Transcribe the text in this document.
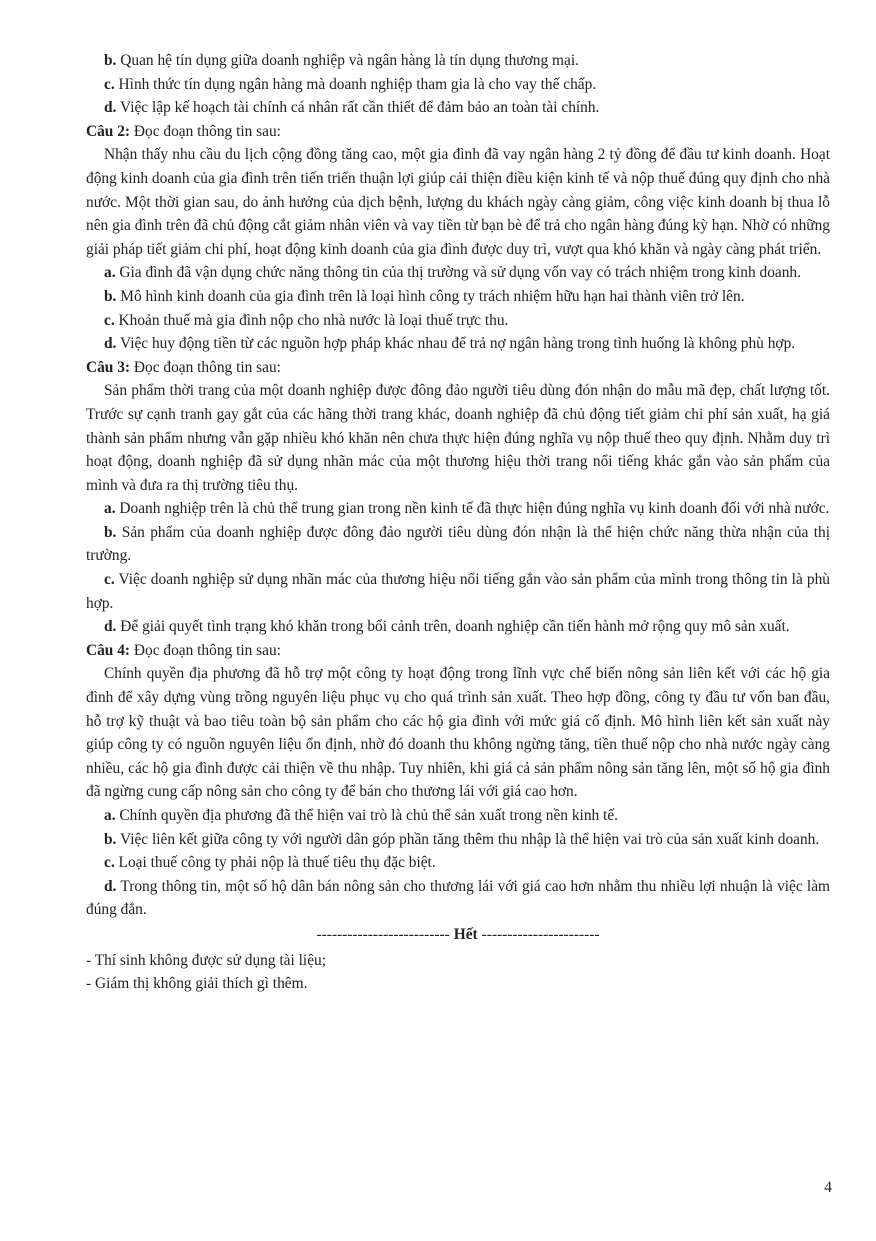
b. Quan hệ tín dụng giữa doanh nghiệp và ngân hàng là tín dụng thương mại.

c. Hình thức tín dụng ngân hàng mà doanh nghiệp tham gia là cho vay thế chấp.

d. Việc lập kế hoạch tài chính cá nhân rất cần thiết để đảm bảo an toàn tài chính.

Câu 2: Đọc đoạn thông tin sau:

Nhận thấy nhu cầu du lịch cộng đồng tăng cao, một gia đình đã vay ngân hàng 2 tỷ đồng để đầu tư kinh doanh. Hoạt động kinh doanh của gia đình trên tiến triển thuận lợi giúp cải thiện điều kiện kinh tế và nộp thuế đúng quy định cho nhà nước. Một thời gian sau, do ảnh hưởng của dịch bệnh, lượng du khách ngày càng giảm, công việc kinh doanh bị thua lỗ nên gia đình trên đã chủ động cắt giảm nhân viên và vay tiền từ bạn bè để trả cho ngân hàng đúng kỳ hạn. Nhờ có những giải pháp tiết giảm chi phí, hoạt động kinh doanh của gia đình được duy trì, vượt qua khó khăn và ngày càng phát triển.

a. Gia đình đã vận dụng chức năng thông tin của thị trường và sử dụng vốn vay có trách nhiệm trong kinh doanh.

b. Mô hình kinh doanh của gia đình trên là loại hình công ty trách nhiệm hữu hạn hai thành viên trở lên.

c. Khoản thuế mà gia đình nộp cho nhà nước là loại thuế trực thu.

d. Việc huy động tiền từ các nguồn hợp pháp khác nhau để trả nợ ngân hàng trong tình huống là không phù hợp.

Câu 3: Đọc đoạn thông tin sau:

Sản phẩm thời trang của một doanh nghiệp được đông đảo người tiêu dùng đón nhận do mẫu mã đẹp, chất lượng tốt. Trước sự cạnh tranh gay gắt của các hãng thời trang khác, doanh nghiệp đã chủ động tiết giảm chi phí sản xuất, hạ giá thành sản phẩm nhưng vẫn gặp nhiều khó khăn nên chưa thực hiện đúng nghĩa vụ nộp thuế theo quy định. Nhằm duy trì hoạt động, doanh nghiệp đã sử dụng nhãn mác của một thương hiệu thời trang nổi tiếng khác gắn vào sản phẩm của mình và đưa ra thị trường tiêu thụ.

a. Doanh nghiệp trên là chủ thể trung gian trong nền kinh tế đã thực hiện đúng nghĩa vụ kinh doanh đối với nhà nước.

b. Sản phẩm của doanh nghiệp được đông đảo người tiêu dùng đón nhận là thể hiện chức năng thừa nhận của thị trường.

c. Việc doanh nghiệp sử dụng nhãn mác của thương hiệu nổi tiếng gắn vào sản phẩm của mình trong thông tin là phù hợp.

d. Để giải quyết tình trạng khó khăn trong bối cảnh trên, doanh nghiệp cần tiến hành mở rộng quy mô sản xuất.

Câu 4: Đọc đoạn thông tin sau:

Chính quyền địa phương đã hỗ trợ một công ty hoạt động trong lĩnh vực chế biến nông sản liên kết với các hộ gia đình để xây dựng vùng trồng nguyên liệu phục vụ cho quá trình sản xuất. Theo hợp đồng, công ty đầu tư vốn ban đầu, hỗ trợ kỹ thuật và bao tiêu toàn bộ sản phẩm cho các hộ gia đình với mức giá cố định. Mô hình liên kết sản xuất này giúp công ty có nguồn nguyên liệu ổn định, nhờ đó doanh thu không ngừng tăng, tiền thuế nộp cho nhà nước ngày càng nhiều, các hộ gia đình được cải thiện về thu nhập. Tuy nhiên, khi giá cả sản phẩm nông sản tăng lên, một số hộ gia đình đã ngừng cung cấp nông sản cho công ty để bán cho thương lái với giá cao hơn.

a. Chính quyền địa phương đã thể hiện vai trò là chủ thể sản xuất trong nền kinh tế.

b. Việc liên kết giữa công ty với người dân góp phần tăng thêm thu nhập là thể hiện vai trò của sản xuất kinh doanh.

c. Loại thuế công ty phải nộp là thuế tiêu thụ đặc biệt.

d. Trong thông tin, một số hộ dân bán nông sản cho thương lái với giá cao hơn nhằm thu nhiều lợi nhuận là việc làm đúng đắn.

-------------------------- Hết -----------------------

- Thí sinh không được sử dụng tài liệu;

- Giám thị không giải thích gì thêm.

4
